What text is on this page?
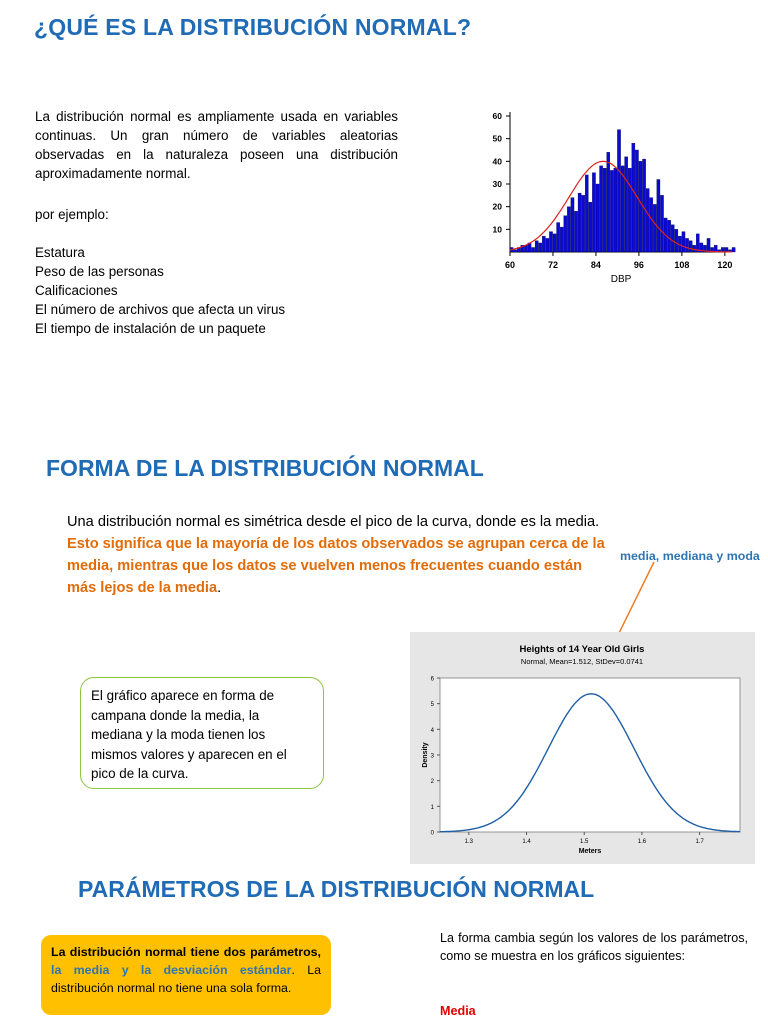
¿QUÉ ES LA DISTRIBUCIÓN NORMAL?
La distribución normal es ampliamente usada en variables continuas. Un gran número de variables aleatorias observadas en la naturaleza poseen una distribución aproximadamente normal.
por ejemplo:
Estatura
Peso de las personas
Calificaciones
El número de archivos que afecta un virus
El tiempo de instalación de un paquete
10
20
30
40
50
60
60	72	84	96	108	120
DBP
FORMA DE LA DISTRIBUCIÓN NORMAL
Una distribución normal es simétrica desde el pico de la curva, donde es la media. Esto significa que la mayoría de los datos observados se agrupan cerca de la media, mientras que los datos se vuelven menos frecuentes cuando están más lejos de la media.
media, mediana y moda
El gráfico aparece en forma de campana donde la media, la mediana y la moda tienen los mismos valores y aparecen en el pico de la curva.
Heights of 14 Year Old Girls
Normal, Mean=1.512, StDev=0.0741
0
1
2
3
4
5
6
1.3	1.4	1.5	1.6	1.7
Meters
Density
PARÁMETROS DE LA DISTRIBUCIÓN NORMAL
La distribución normal tiene dos parámetros, la media y la desviación estándar. La distribución normal no tiene una sola forma.
La forma cambia según los valores de los parámetros, como se muestra en los gráficos siguientes:
Media
